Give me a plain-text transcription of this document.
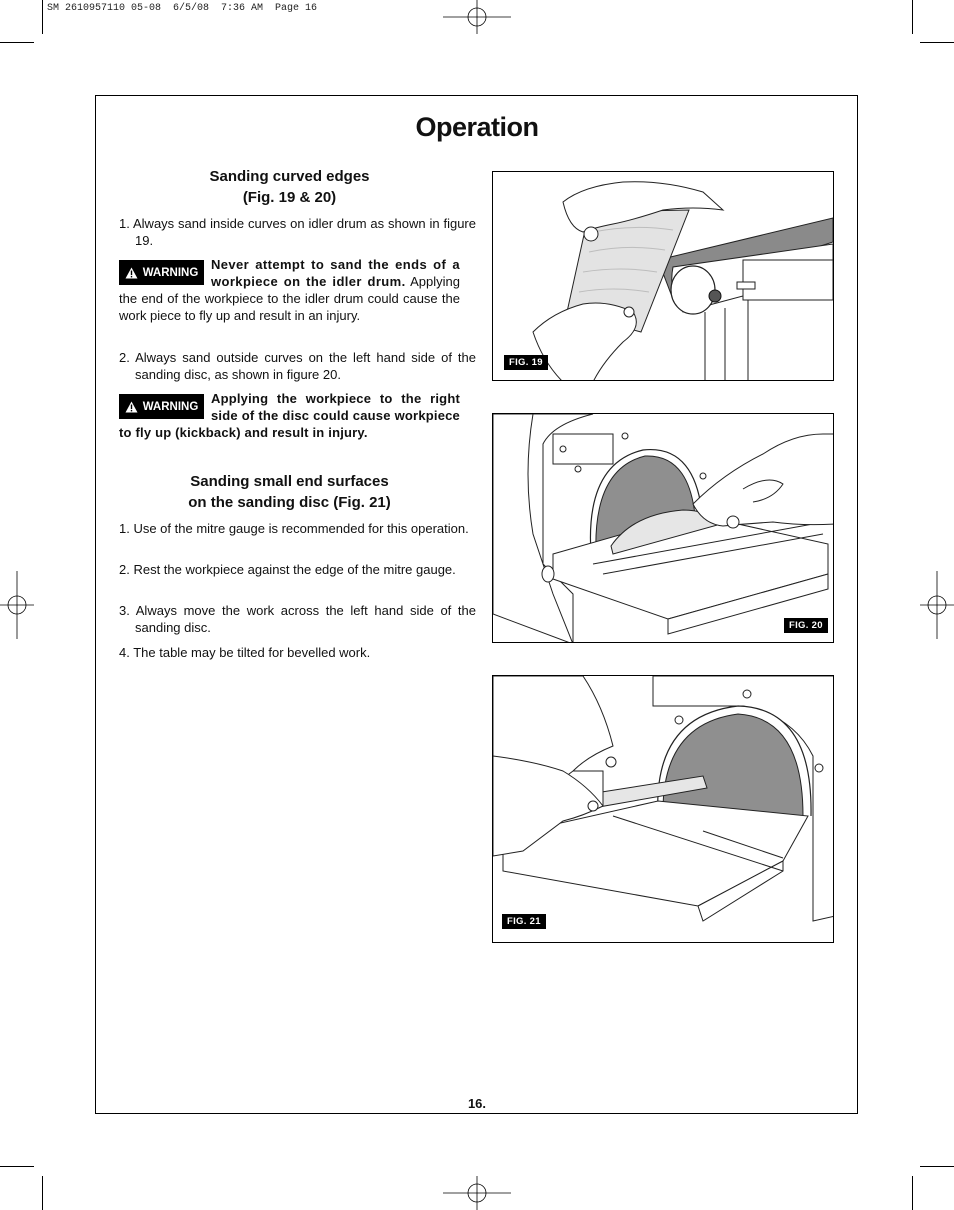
SM 2610957110 05-08  6/5/08  7:36 AM  Page 16
Operation
Sanding curved edges
(Fig. 19 & 20)
1. Always sand inside curves on idler drum as shown in figure 19.
WARNING
Never attempt to sand the ends of a workpiece on the idler drum. Applying the end of the workpiece to the idler drum could cause the work piece to fly up and result in an injury.
2. Always sand outside curves on the left hand side of the sanding disc, as shown in figure 20.
WARNING
Applying the workpiece to the right side of the disc could cause workpiece to fly up (kickback) and result in injury.
Sanding small end surfaces
on the sanding disc (Fig. 21)
1. Use of the mitre gauge is recommended for this operation.
2. Rest the workpiece against the edge of the mitre gauge.
3. Always move the work across the left hand side of the sanding disc.
4. The table may be tilted for bevelled work.
FIG. 19
FIG. 20
FIG. 21
16.
